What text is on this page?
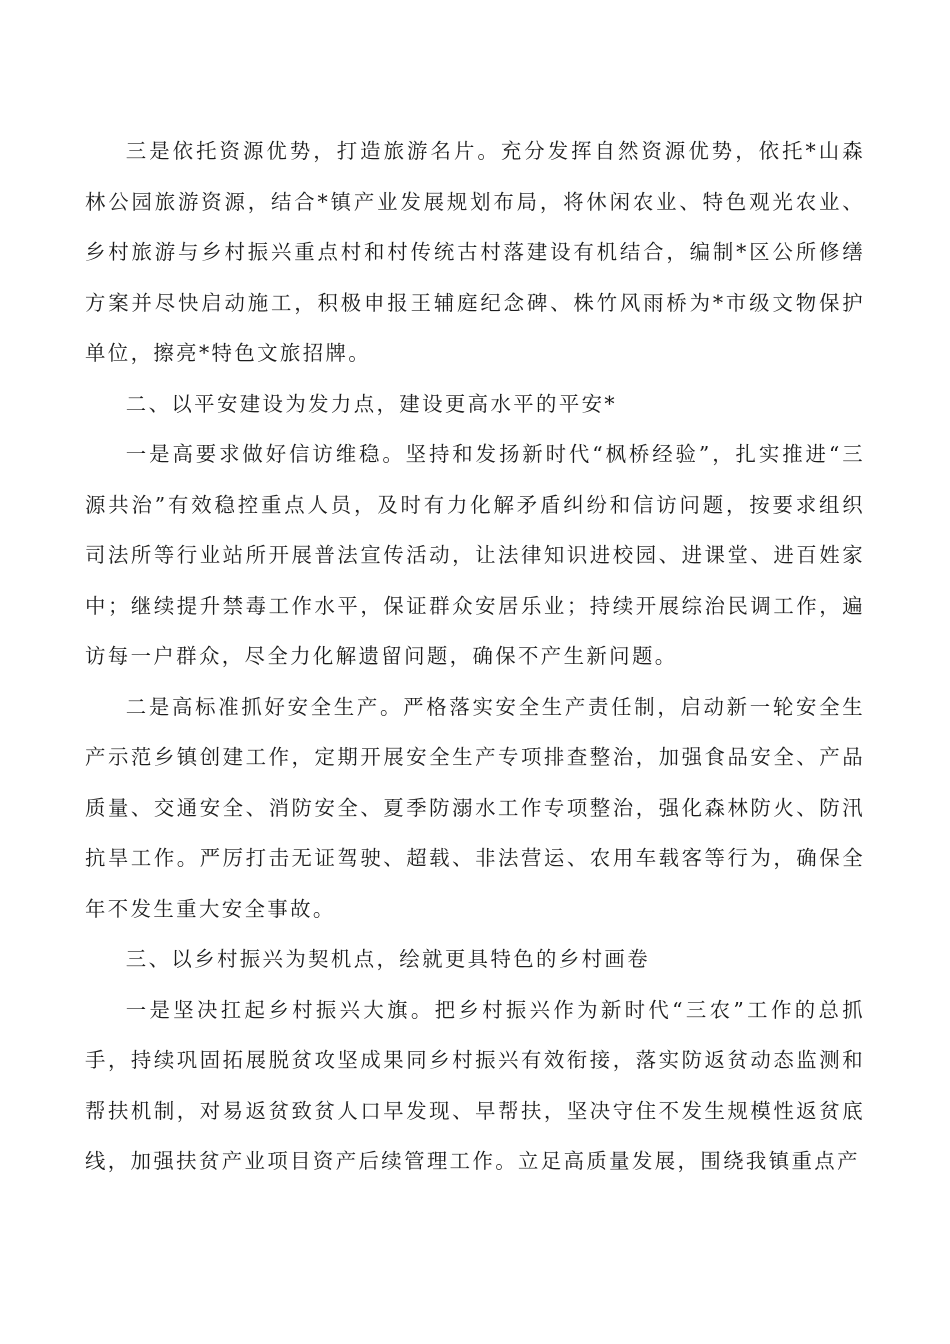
三是依托资源优势，打造旅游名片。充分发挥自然资源优势，依托*山森林公园旅游资源，结合*镇产业发展规划布局，将休闲农业、特色观光农业、乡村旅游与乡村振兴重点村和村传统古村落建设有机结合，编制*区公所修缮方案并尽快启动施工，积极申报王辅庭纪念碑、株竹风雨桥为*市级文物保护单位，擦亮*特色文旅招牌。

二、以平安建设为发力点，建设更高水平的平安*

一是高要求做好信访维稳。坚持和发扬新时代“枫桥经验”，扎实推进“三源共治”有效稳控重点人员，及时有力化解矛盾纠纷和信访问题，按要求组织司法所等行业站所开展普法宣传活动，让法律知识进校园、进课堂、进百姓家中；继续提升禁毒工作水平，保证群众安居乐业；持续开展综治民调工作，遍访每一户群众，尽全力化解遗留问题，确保不产生新问题。

二是高标准抓好安全生产。严格落实安全生产责任制，启动新一轮安全生产示范乡镇创建工作，定期开展安全生产专项排查整治，加强食品安全、产品质量、交通安全、消防安全、夏季防溺水工作专项整治，强化森林防火、防汛抗旱工作。严厉打击无证驾驶、超载、非法营运、农用车载客等行为，确保全年不发生重大安全事故。

三、以乡村振兴为契机点，绘就更具特色的乡村画卷

一是坚决扛起乡村振兴大旗。把乡村振兴作为新时代“三农”工作的总抓手，持续巩固拓展脱贫攻坚成果同乡村振兴有效衔接，落实防返贫动态监测和帮扶机制，对易返贫致贫人口早发现、早帮扶，坚决守住不发生规模性返贫底线，加强扶贫产业项目资产后续管理工作。立足高质量发展，围绕我镇重点产
